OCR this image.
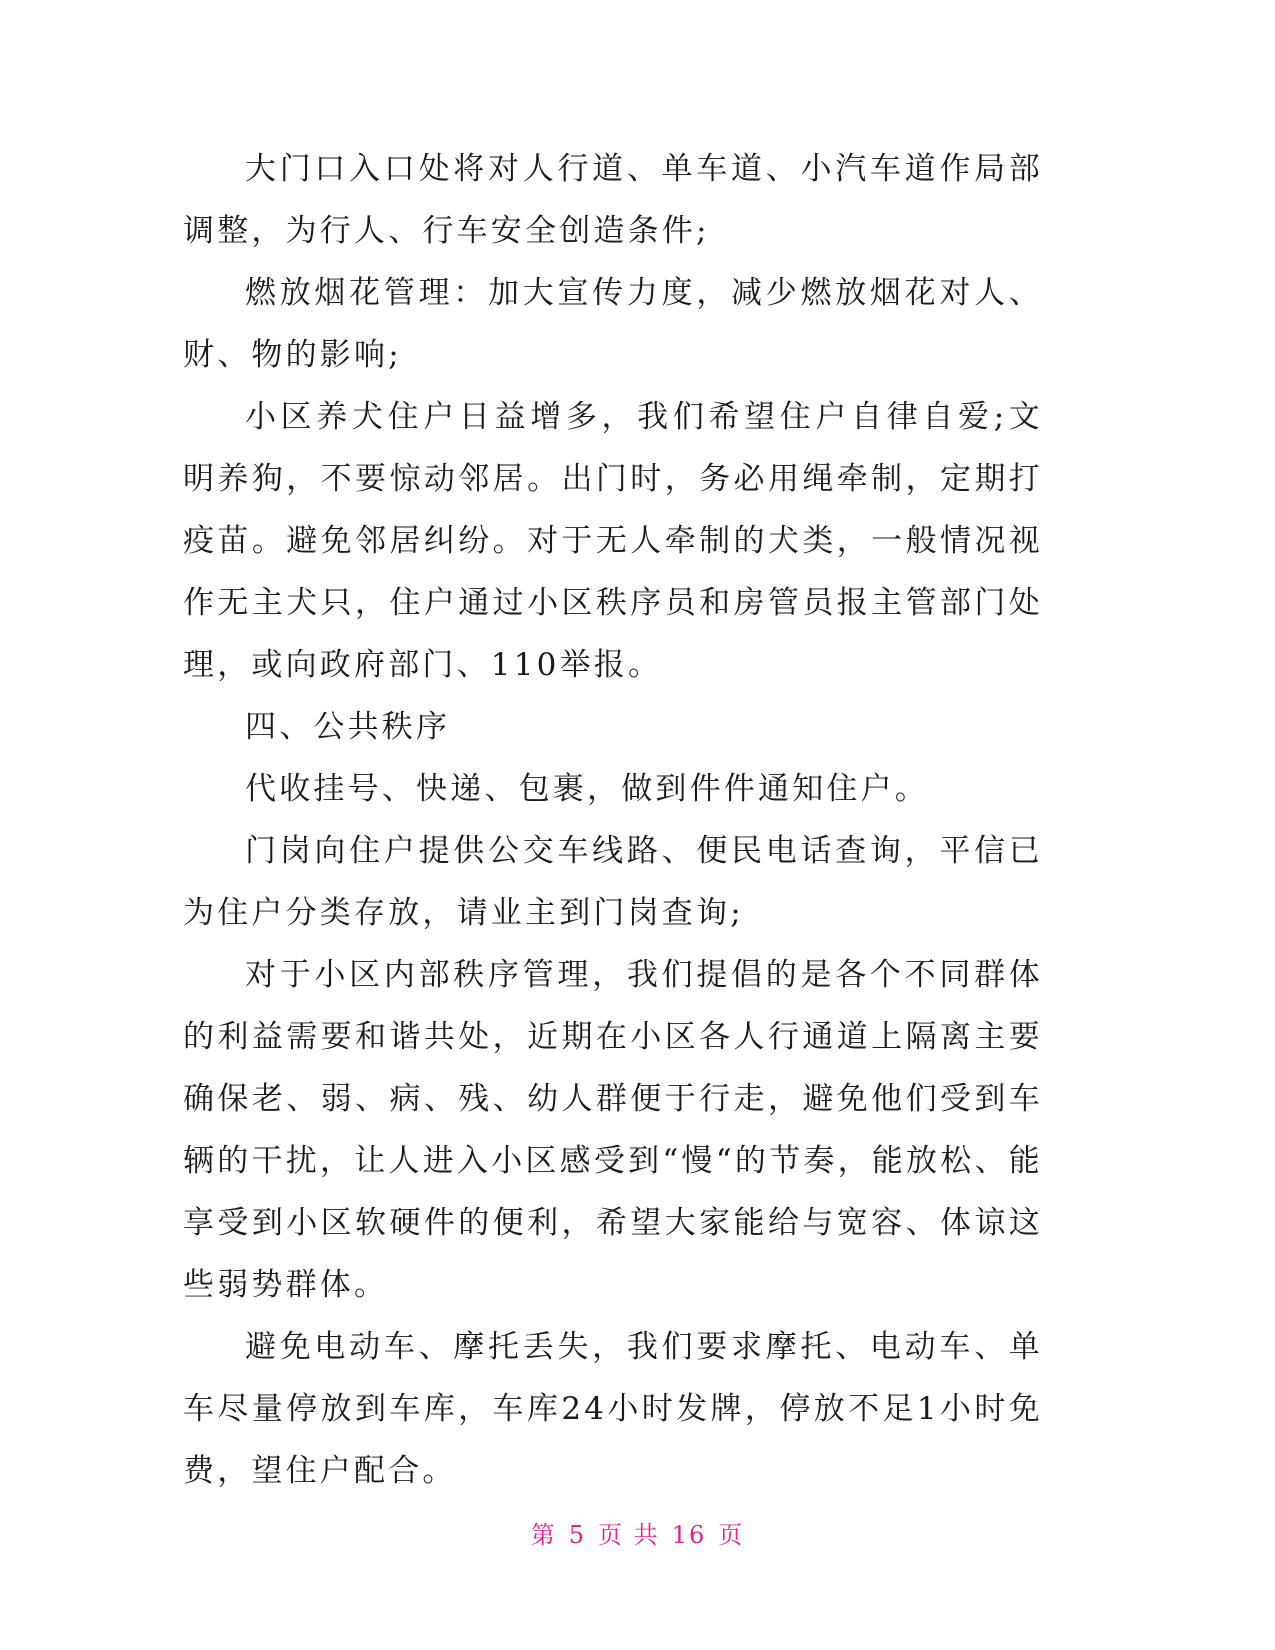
大门口入口处将对人行道、单车道、小汽车道作局部调整，为行人、行车安全创造条件;

燃放烟花管理：加大宣传力度，减少燃放烟花对人、财、物的影响;

小区养犬住户日益增多，我们希望住户自律自爱;文明养狗，不要惊动邻居。出门时，务必用绳牵制，定期打疫苗。避免邻居纠纷。对于无人牵制的犬类，一般情况视作无主犬只，住户通过小区秩序员和房管员报主管部门处理，或向政府部门、110举报。

四、公共秩序

代收挂号、快递、包裹，做到件件通知住户。

门岗向住户提供公交车线路、便民电话查询，平信已为住户分类存放，请业主到门岗查询;

对于小区内部秩序管理，我们提倡的是各个不同群体的利益需要和谐共处，近期在小区各人行通道上隔离主要确保老、弱、病、残、幼人群便于行走，避免他们受到车辆的干扰，让人进入小区感受到“慢“的节奏，能放松、能享受到小区软硬件的便利，希望大家能给与宽容、体谅这些弱势群体。

避免电动车、摩托丢失，我们要求摩托、电动车、单车尽量停放到车库，车库24小时发牌，停放不足1小时免费，望住户配合。

第 5 页 共 16 页
